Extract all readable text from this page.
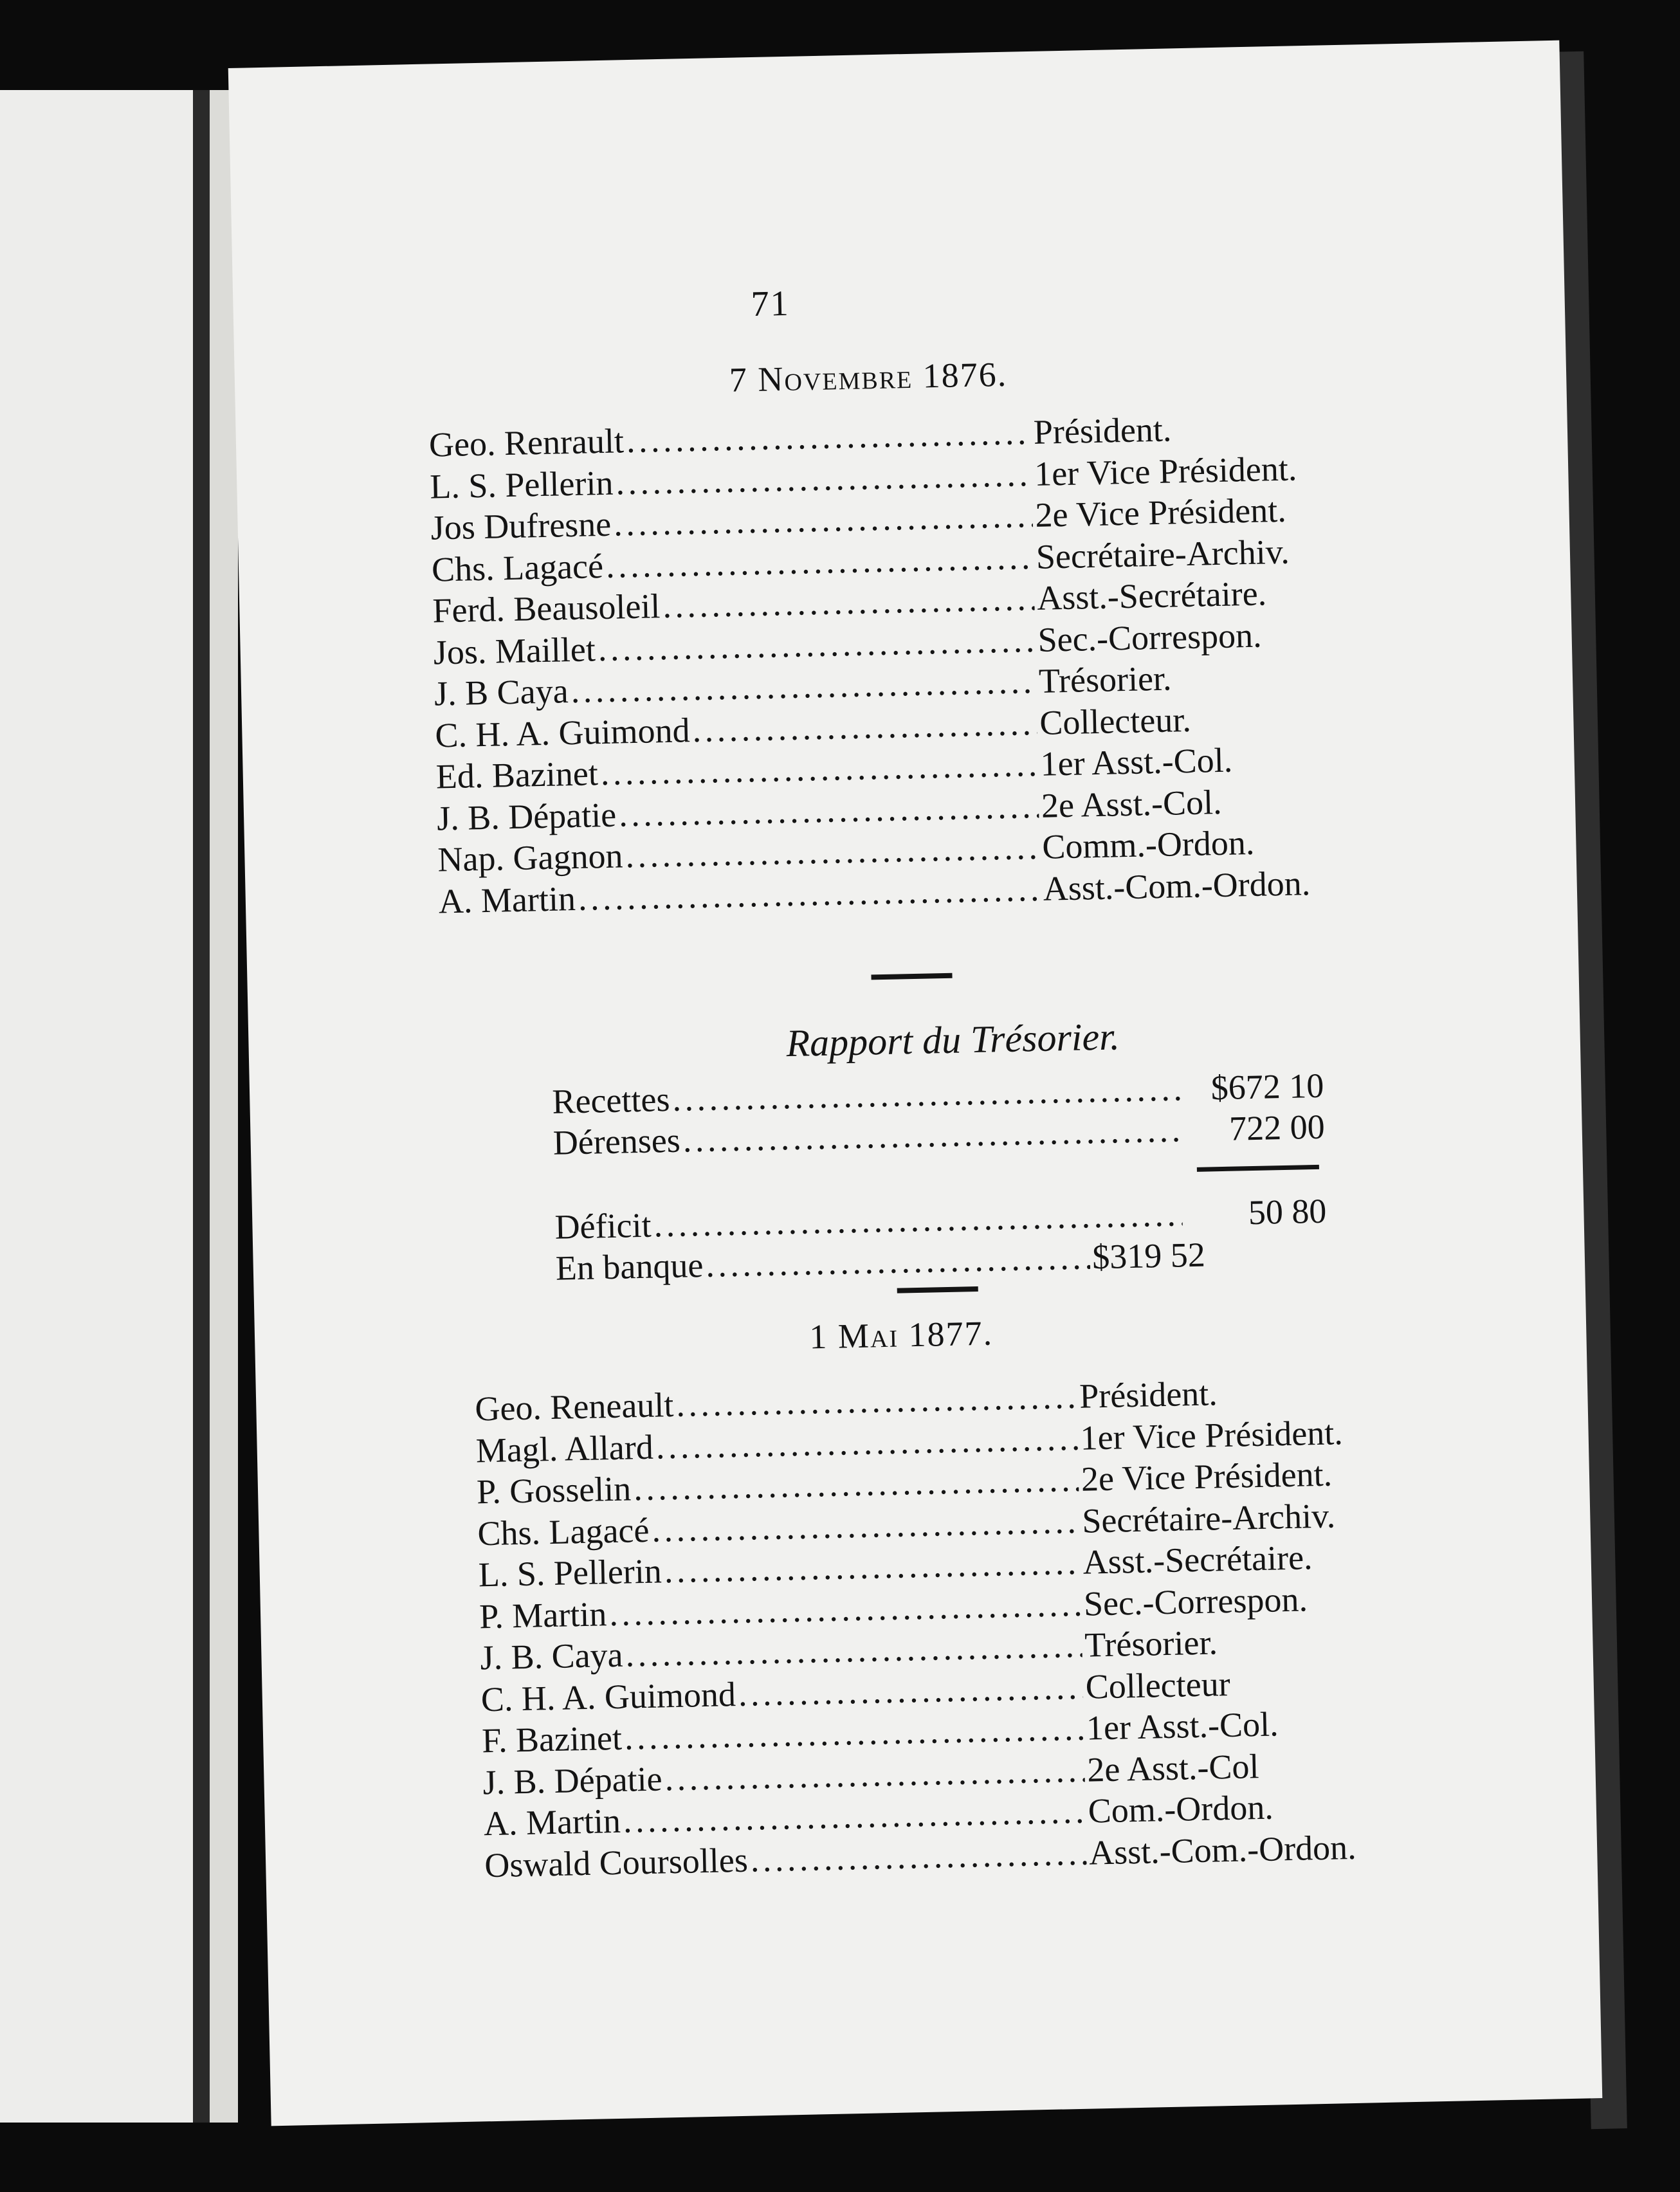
71
7 Novembre 1876.
Geo. Renrault . . .	Président.
L. S. Pellerin . . .	1er Vice Président.
Jos Dufresne . . .	2e Vice Président.
Chs. Lagacé . . .	Secrétaire-Archiv.
Ferd. Beausoleil . . .	Asst.-Secrétaire.
Jos. Maillet . . .	Sec.-Correspon.
J. B Caya . . .	Trésorier.
C. H. A. Guimond . . .	Collecteur.
Ed. Bazinet . . .	1er Asst.-Col.
J. B. Dépatie . . .	2e Asst.-Col.
Nap. Gagnon . . .	Comm.-Ordon.
A. Martin . . .	Asst.-Com.-Ordon.
Rapport du Trésorier.
Recettes . . .	$672 10
Dérenses . . .	722 00
Déficit . . .	50 80
En banque . . .	$319 52
1 Mai 1877.
Geo. Reneault . . .	Président.
Magl. Allard . . .	1er Vice Président.
P. Gosselin . . .	2e Vice Président.
Chs. Lagacé . . .	Secrétaire-Archiv.
L. S. Pellerin . . .	Asst.-Secrétaire.
P. Martin . . .	Sec.-Correspon.
J. B. Caya . . .	Trésorier.
C. H. A. Guimond . . .	Collecteur
F. Bazinet . . .	1er Asst.-Col.
J. B. Dépatie . . .	2e Asst.-Col
A. Martin . . .	Com.-Ordon.
Oswald Coursolles . . .	Asst.-Com.-Ordon.
